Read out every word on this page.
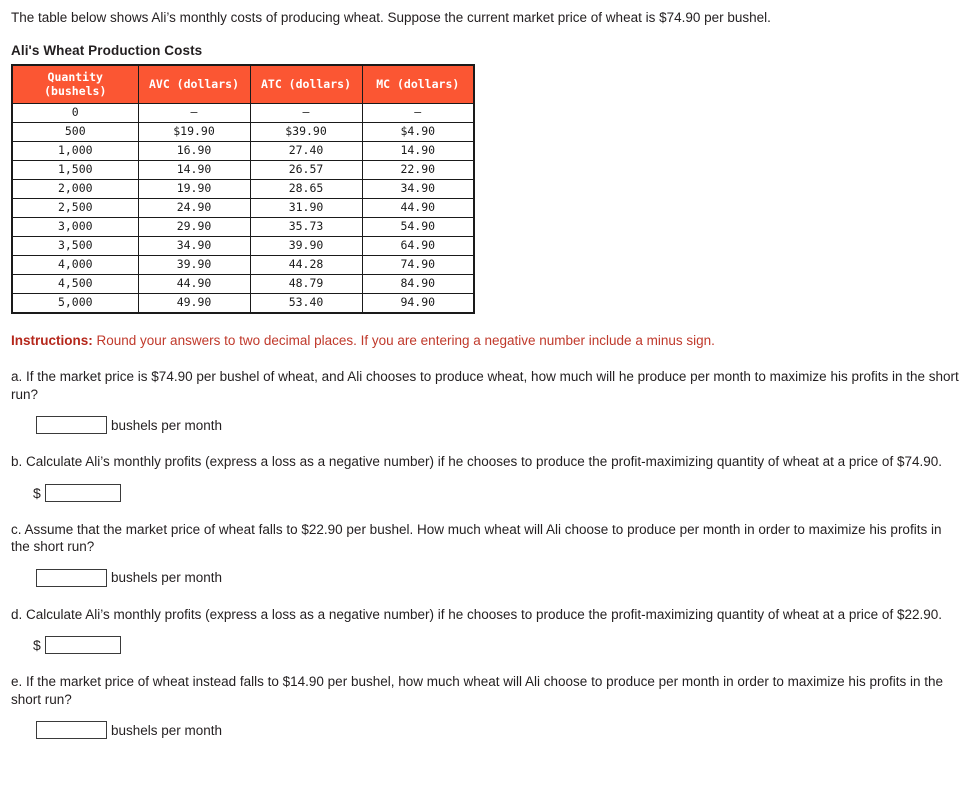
The table below shows Ali’s monthly costs of producing wheat. Suppose the current market price of wheat is $74.90 per bushel.

Ali's Wheat Production Costs
Quantity
(bushels)	AVC (dollars)	ATC (dollars)	MC (dollars)
0	—	—	—
500	$19.90	$39.90	$4.90
1,000	16.90	27.40	14.90
1,500	14.90	26.57	22.90
2,000	19.90	28.65	34.90
2,500	24.90	31.90	44.90
3,000	29.90	35.73	54.90
3,500	34.90	39.90	64.90
4,000	39.90	44.28	74.90
4,500	44.90	48.79	84.90
5,000	49.90	53.40	94.90

Instructions: Round your answers to two decimal places. If you are entering a negative number include a minus sign.

a. If the market price is $74.90 per bushel of wheat, and Ali chooses to produce wheat, how much will he produce per month to maximize his profits in the short run?

bushels per month

b. Calculate Ali’s monthly profits (express a loss as a negative number) if he chooses to produce the profit-maximizing quantity of wheat at a price of $74.90.

$

c. Assume that the market price of wheat falls to $22.90 per bushel. How much wheat will Ali choose to produce per month in order to maximize his profits in the short run?

bushels per month

d. Calculate Ali’s monthly profits (express a loss as a negative number) if he chooses to produce the profit-maximizing quantity of wheat at a price of $22.90.

$

e. If the market price of wheat instead falls to $14.90 per bushel, how much wheat will Ali choose to produce per month in order to maximize his profits in the short run?

bushels per month
